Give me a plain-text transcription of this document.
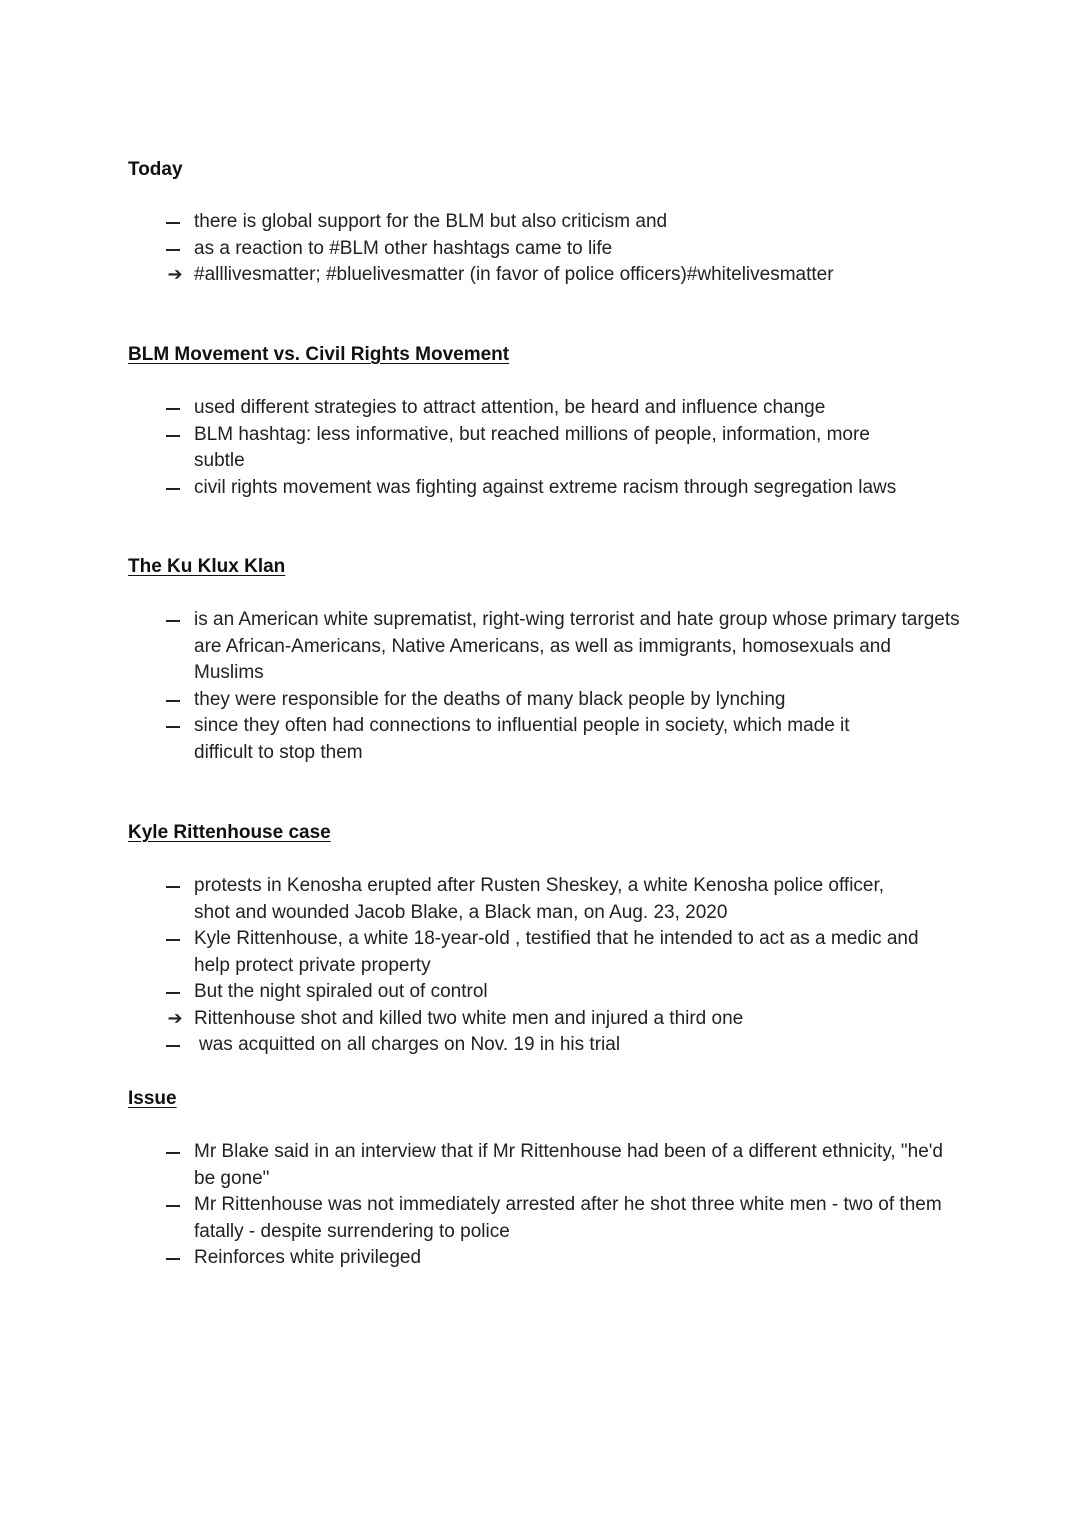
Today
there is global support for the BLM but also criticism and
as a reaction to #BLM other hashtags came to life
➔ #alllivesmatter; #bluelivesmatter (in favor of police officers)#whitelivesmatter
BLM Movement vs. Civil Rights Movement
used different strategies to attract attention, be heard and influence change
BLM hashtag: less informative, but reached millions of people, information, more subtle
civil rights movement was fighting against extreme racism through segregation laws
The Ku Klux Klan
is an American white suprematist, right-wing terrorist and hate group whose primary targets are African-Americans, Native Americans, as well as immigrants, homosexuals and Muslims
they were responsible for the deaths of many black people by lynching
since they often had connections to influential people in society, which made it difficult to stop them
Kyle Rittenhouse case
protests in Kenosha erupted after Rusten Sheskey, a white Kenosha police officer, shot and wounded Jacob Blake, a Black man, on Aug. 23, 2020
Kyle Rittenhouse, a white 18-year-old , testified that he intended to act as a medic and help protect private property
But the night spiraled out of control
➔ Rittenhouse shot and killed two white men and injured a third one
was acquitted on all charges on Nov. 19 in his trial
Issue
Mr Blake said in an interview that if Mr Rittenhouse had been of a different ethnicity, "he'd be gone"
Mr Rittenhouse was not immediately arrested after he shot three white men - two of them fatally - despite surrendering to police
Reinforces white privileged
